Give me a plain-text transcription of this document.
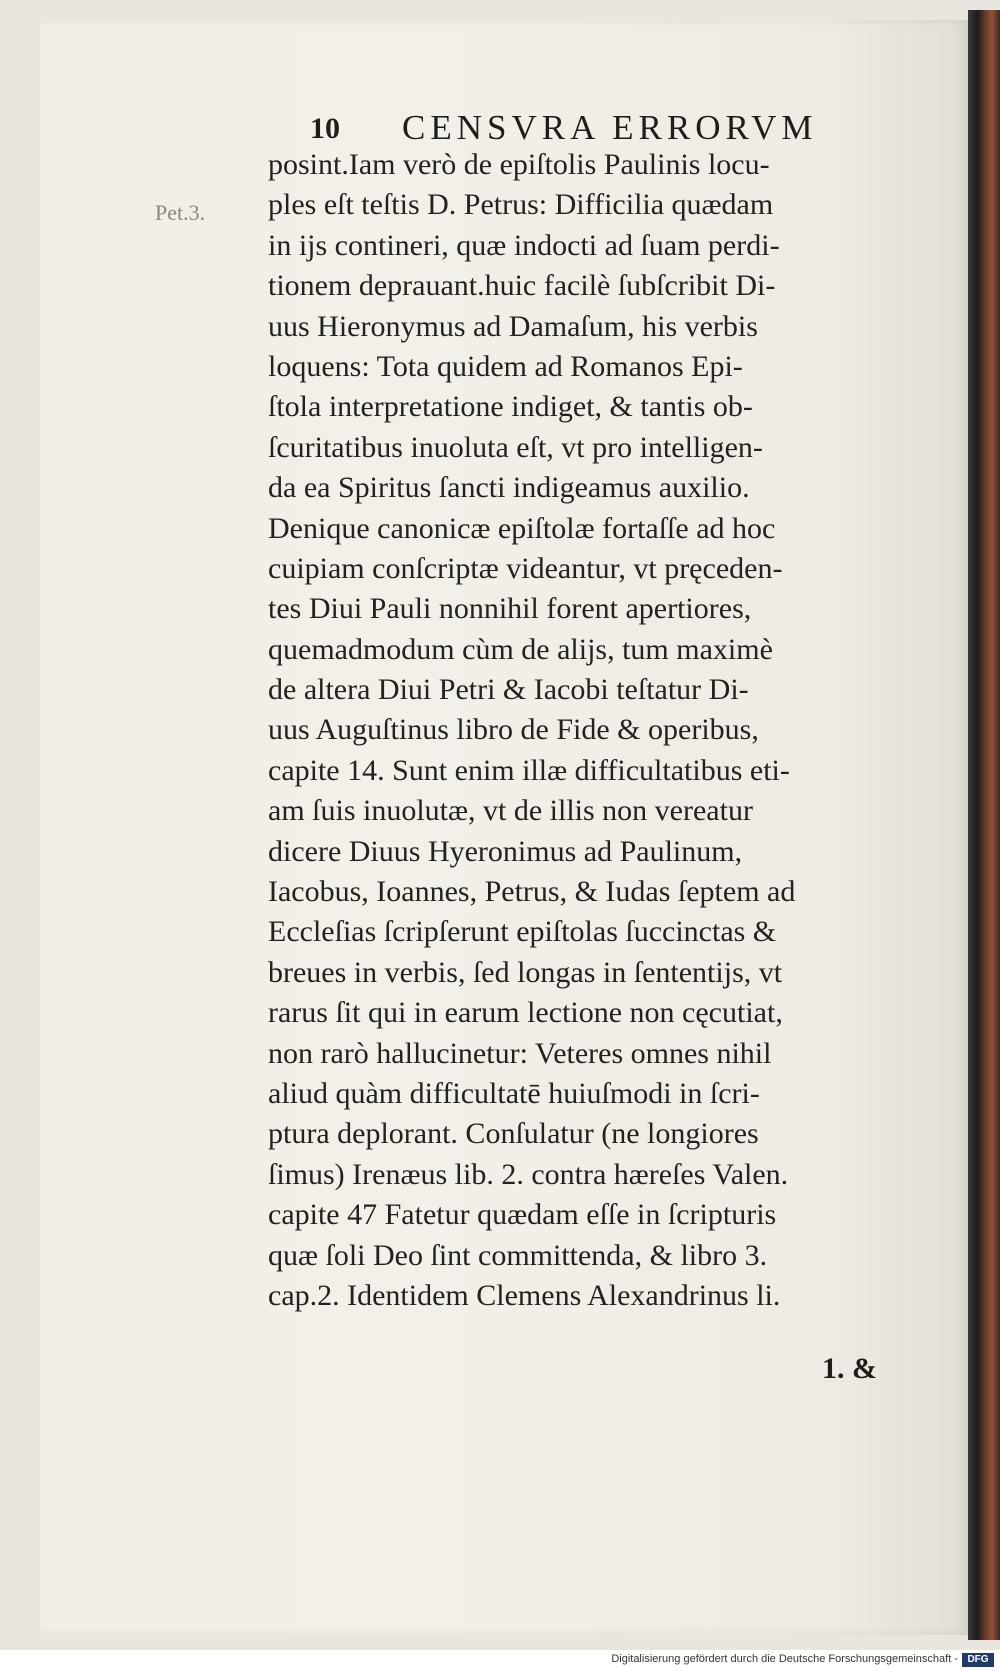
10 CENSVRA ERRORVM
Pet.3.
posint.Iam verò de epiſtolis Paulinis locu-
ples eſt teſtis D. Petrus: Difficilia quædam
in ijs contineri, quæ indocti ad ſuam perdi-
tionem deprauant.huic facilè ſubſcribit Di-
uus Hieronymus ad Damaſum, his verbis
loquens: Tota quidem ad Romanos Epi-
ſtola interpretatione indiget, & tantis ob-
ſcuritatibus inuoluta eſt, vt pro intelligen-
da ea Spiritus ſancti indigeamus auxilio.
Denique canonicæ epiſtolæ fortaſſe ad hoc
cuipiam conſcriptæ videantur, vt pręceden-
tes Diui Pauli nonnihil forent apertiores,
quemadmodum cùm de alijs, tum maximè
de altera Diui Petri & Iacobi teſtatur Di-
uus Auguſtinus libro de Fide & operibus,
capite 14. Sunt enim illæ difficultatibus eti-
am ſuis inuolutæ, vt de illis non vereatur
dicere Diuus Hyeronimus ad Paulinum,
Iacobus, Ioannes, Petrus, & Iudas ſeptem ad
Eccleſias ſcripſerunt epiſtolas ſuccinctas &
breues in verbis, ſed longas in ſententijs, vt
rarus ſit qui in earum lectione non cęcutiat,
non rarò hallucinetur: Veteres omnes nihil
aliud quàm difficultatē huiuſmodi in ſcri-
ptura deplorant. Conſulatur (ne longiores
ſimus) Irenæus lib. 2. contra hæreſes Valen.
capite 47 Fatetur quædam eſſe in ſcripturis
quæ ſoli Deo ſint committenda, & libro 3.
cap.2. Identidem Clemens Alexandrinus li.
1. &
Digitalisierung gefördert durch die Deutsche Forschungsgemeinschaft - DFG
